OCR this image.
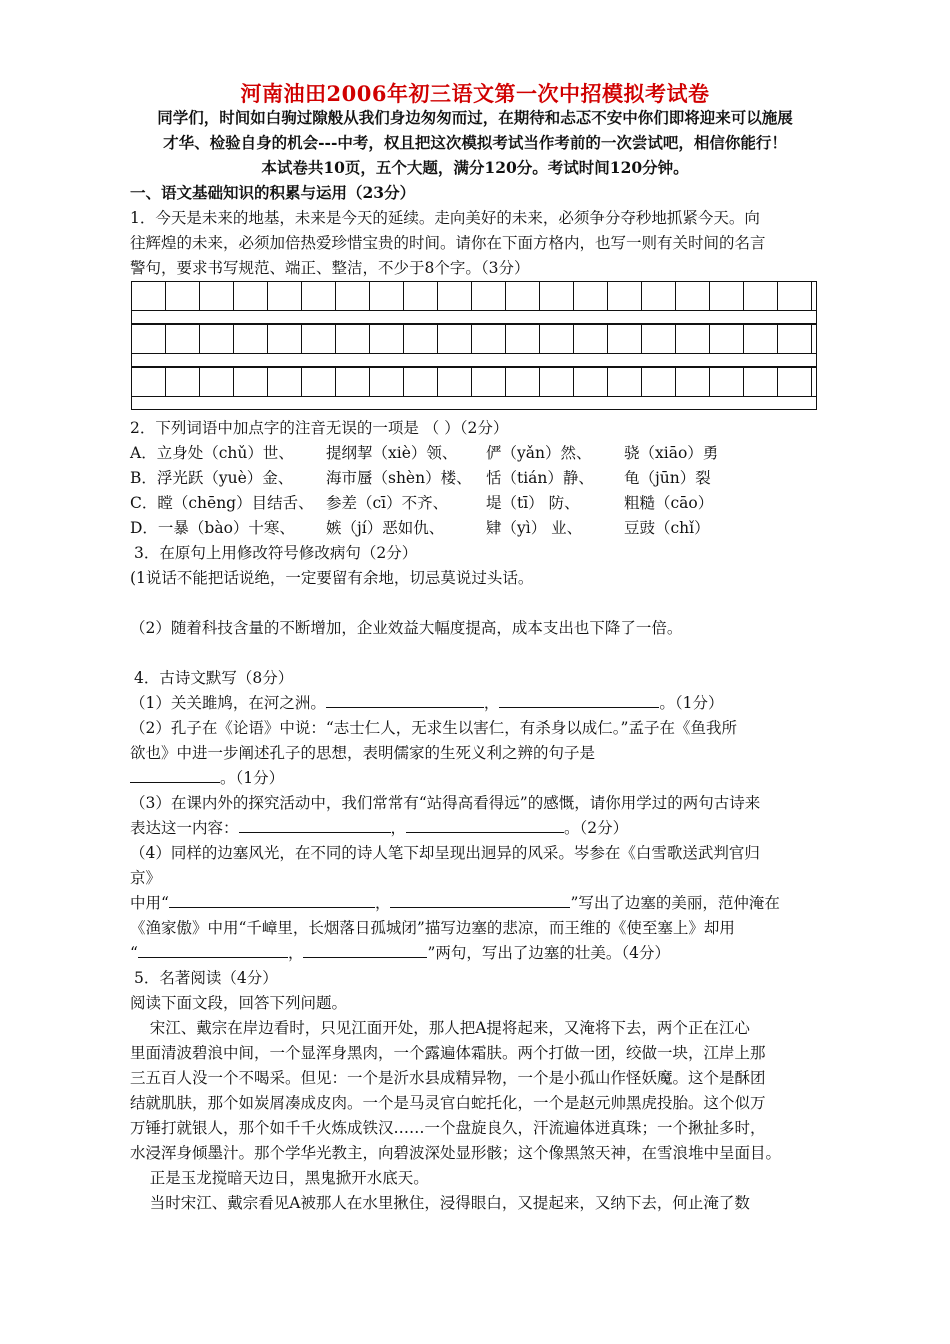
河南油田2006年初三语文第一次中招模拟考试卷
同学们，时间如白驹过隙般从我们身边匆匆而过，在期待和忐忑不安中你们即将迎来可以施展
才华、检验自身的机会---中考，权且把这次模拟考试当作考前的一次尝试吧，相信你能行！
本试卷共10页，五个大题，满分120分。考试时间120分钟。
一、语文基础知识的积累与运用（23分）
1．今天是未来的地基，未来是今天的延续。走向美好的未来，必须争分夺秒地抓紧今天。向
往辉煌的未来，必须加倍热爱珍惜宝贵的时间。请你在下面方格内，也写一则有关时间的名言
警句，要求书写规范、端正、整洁，不少于8个字。（3分）
2．下列词语中加点字的注音无误的一项是 （ ）（2分）
A．立身处（chǔ）世、 提纲挈（xiè）领、 俨（yǎn）然、 骁（xiāo）勇
B．浮光跃（yuè）金、 海市蜃（shèn）楼、 恬（tián）静、 龟（jūn）裂
C．瞠（chēng）目结舌、 参差（cī）不齐、 堤（tī） 防、	粗糙（cāo）
D．一暴（bào）十寒、 嫉（jí）恶如仇、	肄（yì） 业、	豆豉（chǐ）
3．在原句上用修改符号修改病句（2分）
(1说话不能把话说绝，一定要留有余地，切忌莫说过头话。
（2）随着科技含量的不断增加，企业效益大幅度提高，成本支出也下降了一倍。
4．古诗文默写（8分）
（1）关关雎鸠，在河之洲。	，	。（1分）
（2）孔子在《论语》中说：“志士仁人，无求生以害仁，有杀身以成仁。”孟子在《鱼我所
欲也》中进一步阐述孔子的思想，表明儒家的生死义利之辨的句子是
。（1分）
（3）在课内外的探究活动中，我们常常有“站得高看得远”的感慨，请你用学过的两句古诗来
表达这一内容：	，	。（2分）
（4）同样的边塞风光，在不同的诗人笔下却呈现出迥异的风采。岑参在《白雪歌送武判官归
京》
中用“	，	”写出了边塞的美丽，范仲淹在
《渔家傲》中用“千嶂里，长烟落日孤城闭”描写边塞的悲凉，而王维的《使至塞上》却用
“	，	”两句，写出了边塞的壮美。（4分）
5．名著阅读（4分）
阅读下面文段，回答下列问题。
宋江、戴宗在岸边看时，只见江面开处，那人把A提将起来，又淹将下去，两个正在江心
里面清波碧浪中间，一个显浑身黑肉，一个露遍体霜肤。两个打做一团，绞做一块，江岸上那
三五百人没一个不喝采。但见：一个是沂水县成精异物，一个是小孤山作怪妖魔。这个是酥团
结就肌肤，那个如炭屑凑成皮肉。一个是马灵官白蛇托化，一个是赵元帅黑虎投胎。这个似万
万锤打就银人，那个如千千火炼成铁汉……一个盘旋良久，汗流遍体迸真珠；一个揪扯多时，
水浸浑身倾墨汁。那个学华光教主，向碧波深处显形骸；这个像黑煞天神，在雪浪堆中呈面目。
正是玉龙搅暗天边日，黑鬼掀开水底天。
当时宋江、戴宗看见A被那人在水里揪住，浸得眼白，又提起来，又纳下去，何止淹了数
